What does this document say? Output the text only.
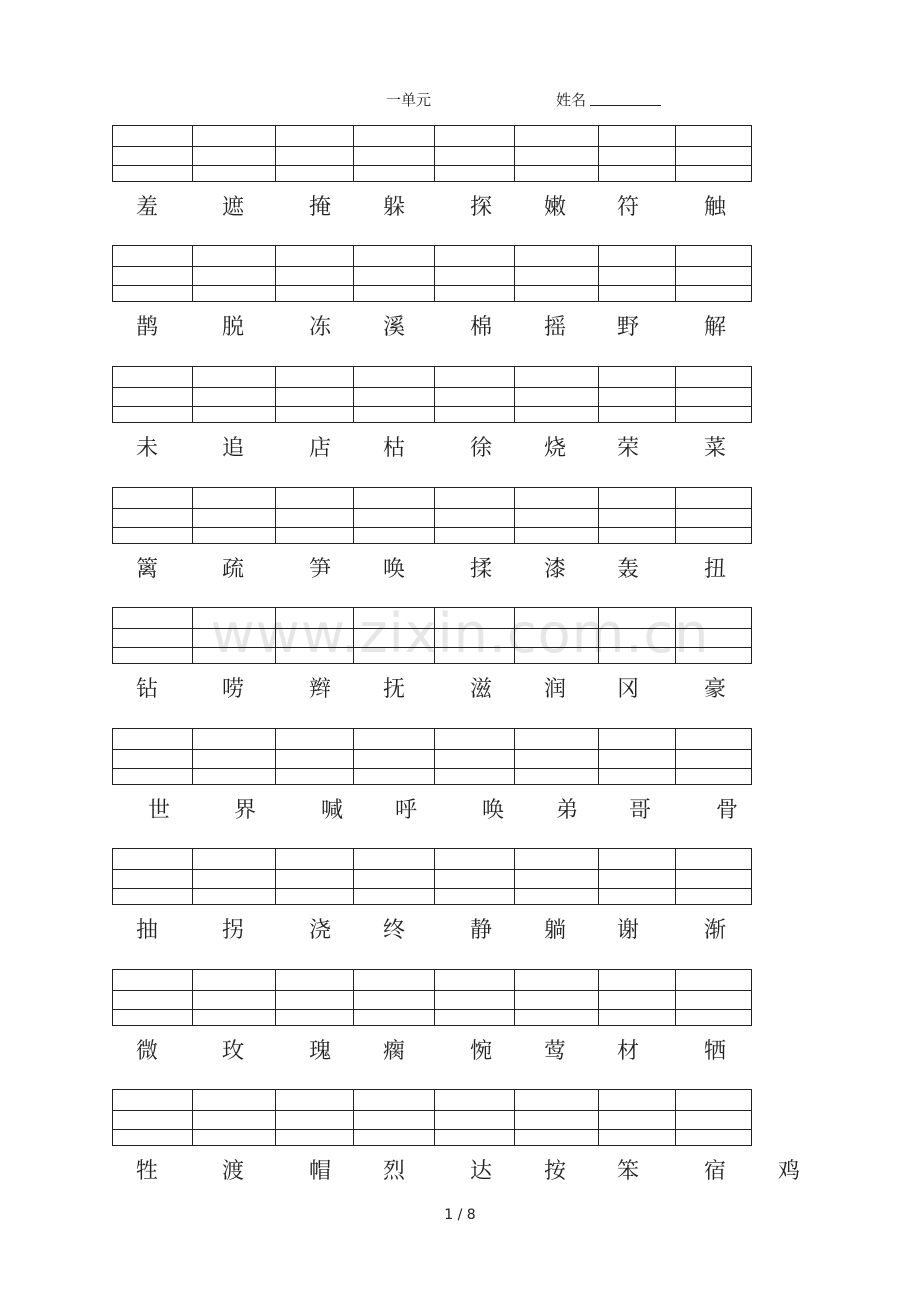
一单元	姓名
www.zixin.com.cn
羞	遮	掩	躲	探	嫩	符	触
鹊	脱	冻	溪	棉	摇	野	解
未	追	店	枯	徐	烧	荣	菜
篱	疏	笋	唤	揉	漆	轰	扭
钻	唠	辫	抚	滋	润	冈	豪
世	界	喊	呼	唤	弟	哥	骨
抽	拐	浇	终	静	躺	谢	渐
微	玫	瑰	瘸	惋	莺	材	牺
牲	渡	帽	烈	达	按	笨	宿	鸡
1 / 8
